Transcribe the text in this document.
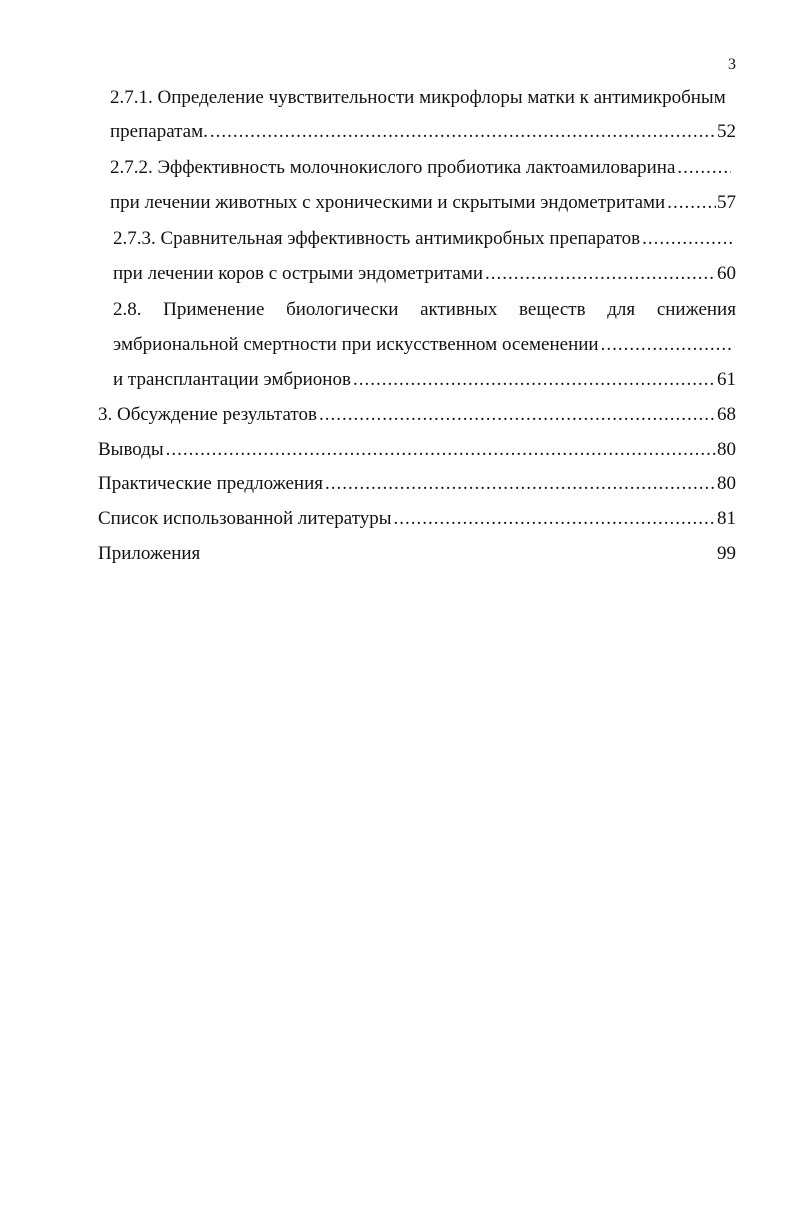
3
2.7.1. Определение чувствительности микрофлоры матки к антимикробным
препаратам. .....	52
2.7.2. Эффективность молочнокислого пробиотика лактоамиловарина
.....
при лечении животных с хроническими и скрытыми эндометритами .....	57
2.7.3. Сравнительная эффективность антимикробных препаратов
.....
при лечении коров с острыми эндометритами .....	60
2.8. Применение биологически активных веществ для снижения
эмбриональной смертности при искусственном осеменении
.....
и трансплантации эмбрионов .....	61
3. Обсуждение результатов .....	68
Выводы .....	80
Практические предложения .....	80
Список использованной литературы .....	81
Приложения	99
